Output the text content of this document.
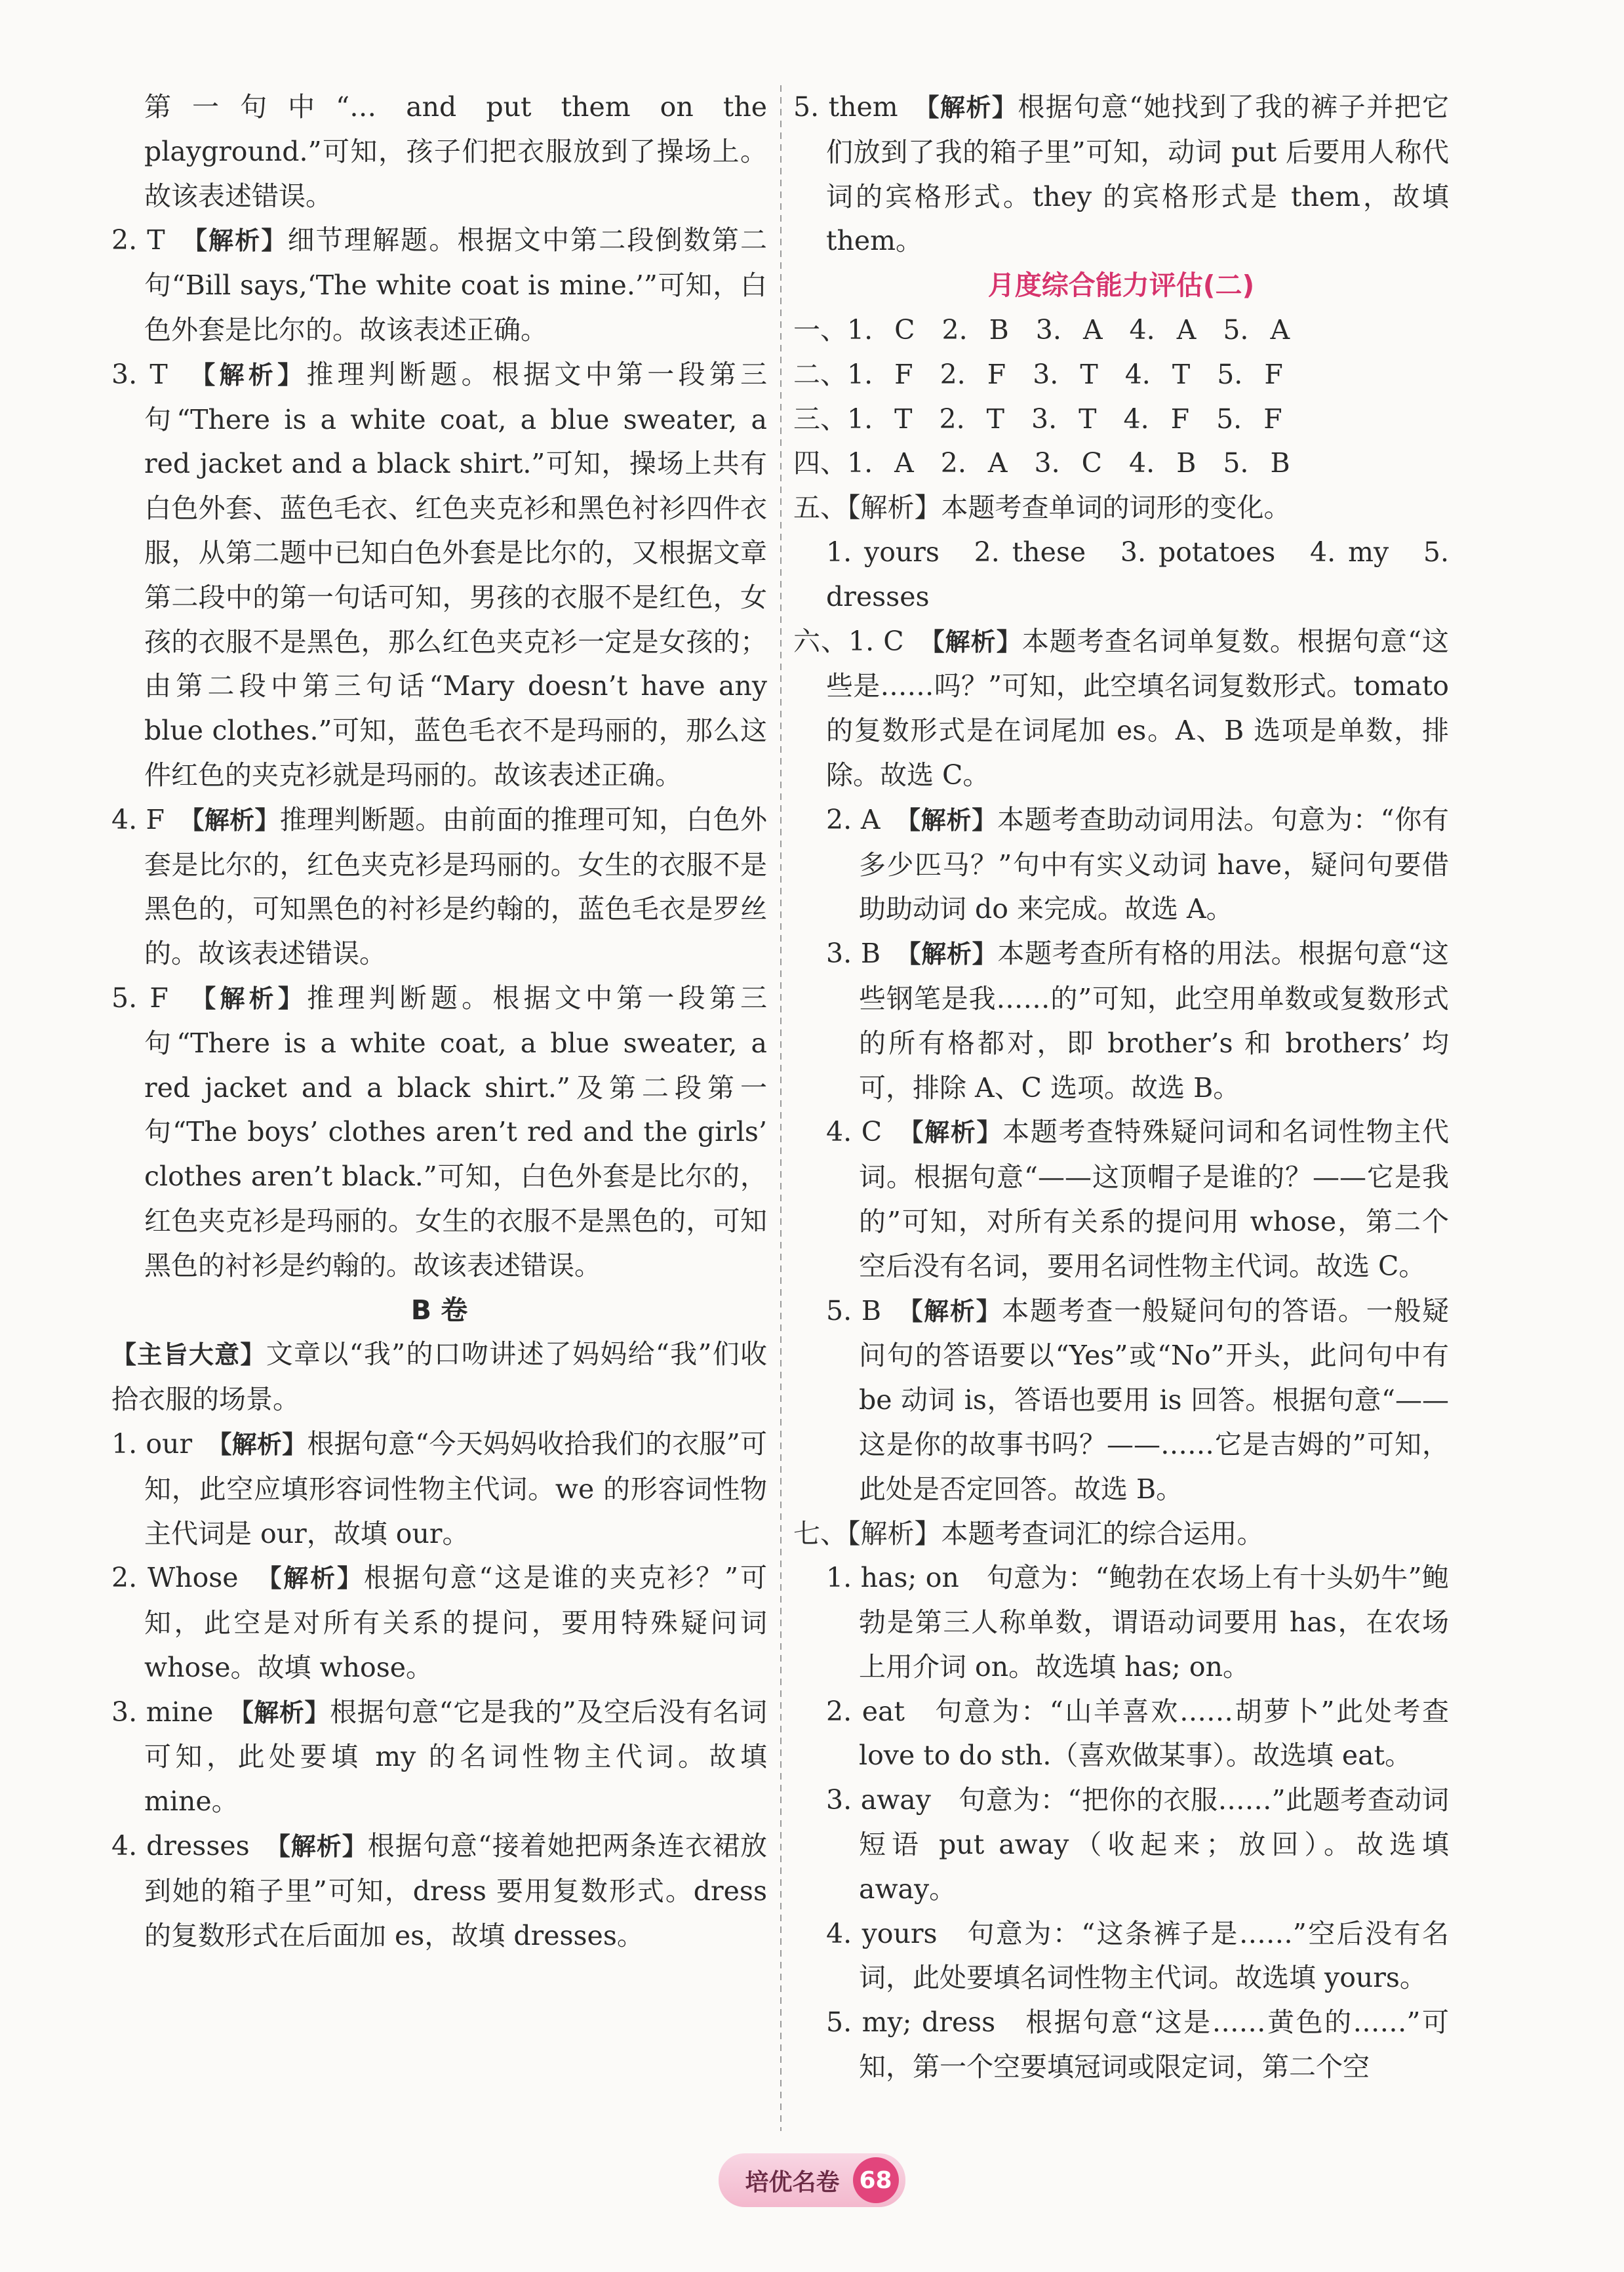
第一句中“… and put them on the playground.”可知，孩子们把衣服放到了操场上。故该表述错误。
2. T　 【解析】细节理解题。根据文中第二段倒数第二句“Bill says,‘The white coat is mine.’”可知，白色外套是比尔的。故该表述正确。
3. T　 【解析】推理判断题。根据文中第一段第三句“There is a white coat, a blue sweater, a red jacket and a black shirt.”可知，操场上共有白色外套、蓝色毛衣、红色夹克衫和黑色衬衫四件衣服，从第二题中已知白色外套是比尔的，又根据文章第二段中的第一句话可知，男孩的衣服不是红色，女孩的衣服不是黑色，那么红色夹克衫一定是女孩的；由第二段中第三句话“Mary doesn’t have any blue clothes.”可知，蓝色毛衣不是玛丽的，那么这件红色的夹克衫就是玛丽的。故该表述正确。
4. F　 【解析】推理判断题。由前面的推理可知，白色外套是比尔的，红色夹克衫是玛丽的。女生的衣服不是黑色的，可知黑色的衬衫是约翰的，蓝色毛衣是罗丝的。故该表述错误。
5. F　 【解析】推理判断题。根据文中第一段第三句“There is a white coat, a blue sweater, a red jacket and a black shirt.”及第二段第一句“The boys’ clothes aren’t red and the girls’ clothes aren’t black.”可知，白色外套是比尔的，红色夹克衫是玛丽的。女生的衣服不是黑色的，可知黑色的衬衫是约翰的。故该表述错误。
B 卷
【主旨大意】文章以“我”的口吻讲述了妈妈给“我”们收拾衣服的场景。
1. our　 【解析】根据句意“今天妈妈收拾我们的衣服”可知，此空应填形容词性物主代词。we 的形容词性物主代词是 our，故填 our。
2. Whose　 【解析】根据句意“这是谁的夹克衫？”可知，此空是对所有关系的提问，要用特殊疑问词 whose。故填 whose。
3. mine　 【解析】根据句意“它是我的”及空后没有名词可知，此处要填 my 的名词性物主代词。故填 mine。
4. dresses　 【解析】根据句意“接着她把两条连衣裙放到她的箱子里”可知，dress 要用复数形式。dress 的复数形式在后面加 es，故填 dresses。
5. them　 【解析】根据句意“她找到了我的裤子并把它们放到了我的箱子里”可知，动词 put 后要用人称代词的宾格形式。they 的宾格形式是 them，故填 them。
月度综合能力评估(二)
一、1. C　2. B　3. A　4. A　5. A
二、1. F　2. F　3. T　4. T　5. F
三、1. T　2. T　3. T　4. F　5. F
四、1. A　2. A　3. C　4. B　5. B
五、【解析】本题考查单词的词形的变化。
1. yours　2. these　3. potatoes　4. my　5. dresses
六、1. C　 【解析】本题考查名词单复数。根据句意“这些是……吗？”可知，此空填名词复数形式。tomato 的复数形式是在词尾加 es。A、B 选项是单数，排除。故选 C。
2. A　 【解析】本题考查助动词用法。句意为：“你有多少匹马？”句中有实义动词 have，疑问句要借助助动词 do 来完成。故选 A。
3. B　 【解析】本题考查所有格的用法。根据句意“这些钢笔是我……的”可知，此空用单数或复数形式的所有格都对，即 brother’s 和 brothers’ 均可，排除 A、C 选项。故选 B。
4. C　 【解析】本题考查特殊疑问词和名词性物主代词。根据句意“——这顶帽子是谁的？——它是我的”可知，对所有关系的提问用 whose，第二个空后没有名词，要用名词性物主代词。故选 C。
5. B　 【解析】本题考查一般疑问句的答语。一般疑问句的答语要以“Yes”或“No”开头，此问句中有 be 动词 is，答语也要用 is 回答。根据句意“——这是你的故事书吗？——……它是吉姆的”可知，此处是否定回答。故选 B。
七、【解析】本题考查词汇的综合运用。
1. has; on　 句意为：“鲍勃在农场上有十头奶牛”鲍勃是第三人称单数，谓语动词要用 has，在农场上用介词 on。故选填 has; on。
2. eat　 句意为：“山羊喜欢……胡萝卜”此处考查 love to do sth.（喜欢做某事）。故选填 eat。
3. away　 句意为：“把你的衣服……”此题考查动词短语 put away（收起来；放回）。故选填away。
4. yours　 句意为：“这条裤子是……”空后没有名词，此处要填名词性物主代词。故选填 yours。
5. my; dress　 根据句意“这是……黄色的……”可知，第一个空要填冠词或限定词，第二个空
培优名卷 68
